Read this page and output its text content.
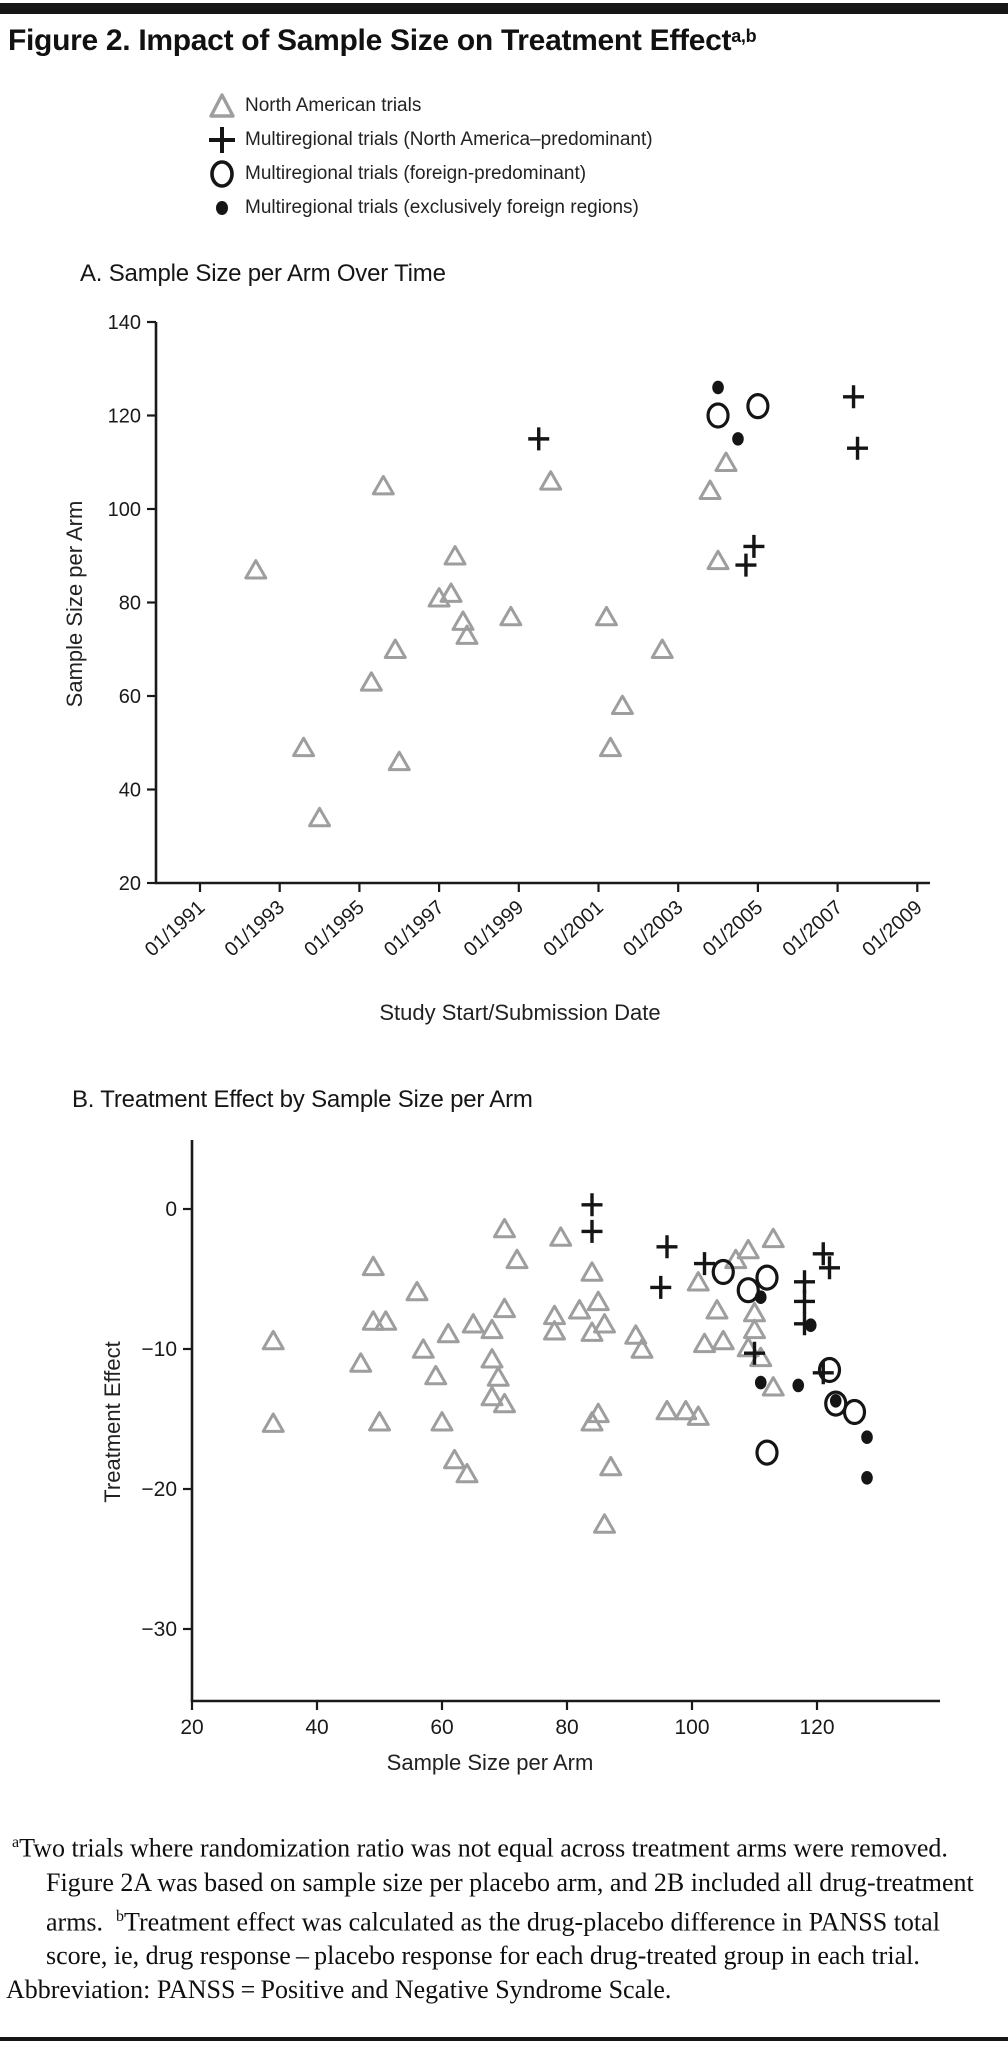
Figure 2. Impact of Sample Size on Treatment Effect$^{a,b}$
North American trials
Multiregional trials (North America–predominant)
Multiregional trials (foreign-predominant)
Multiregional trials (exclusively foreign regions)
A. Sample Size per Arm Over Time
B. Treatment Effect by Sample Size per Arm
Sample Size per Arm
Study Start/Submission Date
Treatment Effect
Sample Size per Arm
140
120
100
80
60
40
20
01/1991 01/1993 01/1995 01/1997 01/1999 01/2001 01/2003 01/2005 01/2007 01/2009
0
−10
−20
−30
20	40	60	80	100	120

$^a$Two trials where randomization ratio was not equal across treatment arms were removed. Figure 2A was based on sample size per placebo arm, and 2B included all drug-treatment arms. $^b$Treatment effect was calculated as the drug-placebo difference in PANSS total score, ie, drug response – placebo response for each drug-treated group in each trial.

Abbreviation: PANSS = Positive and Negative Syndrome Scale.
